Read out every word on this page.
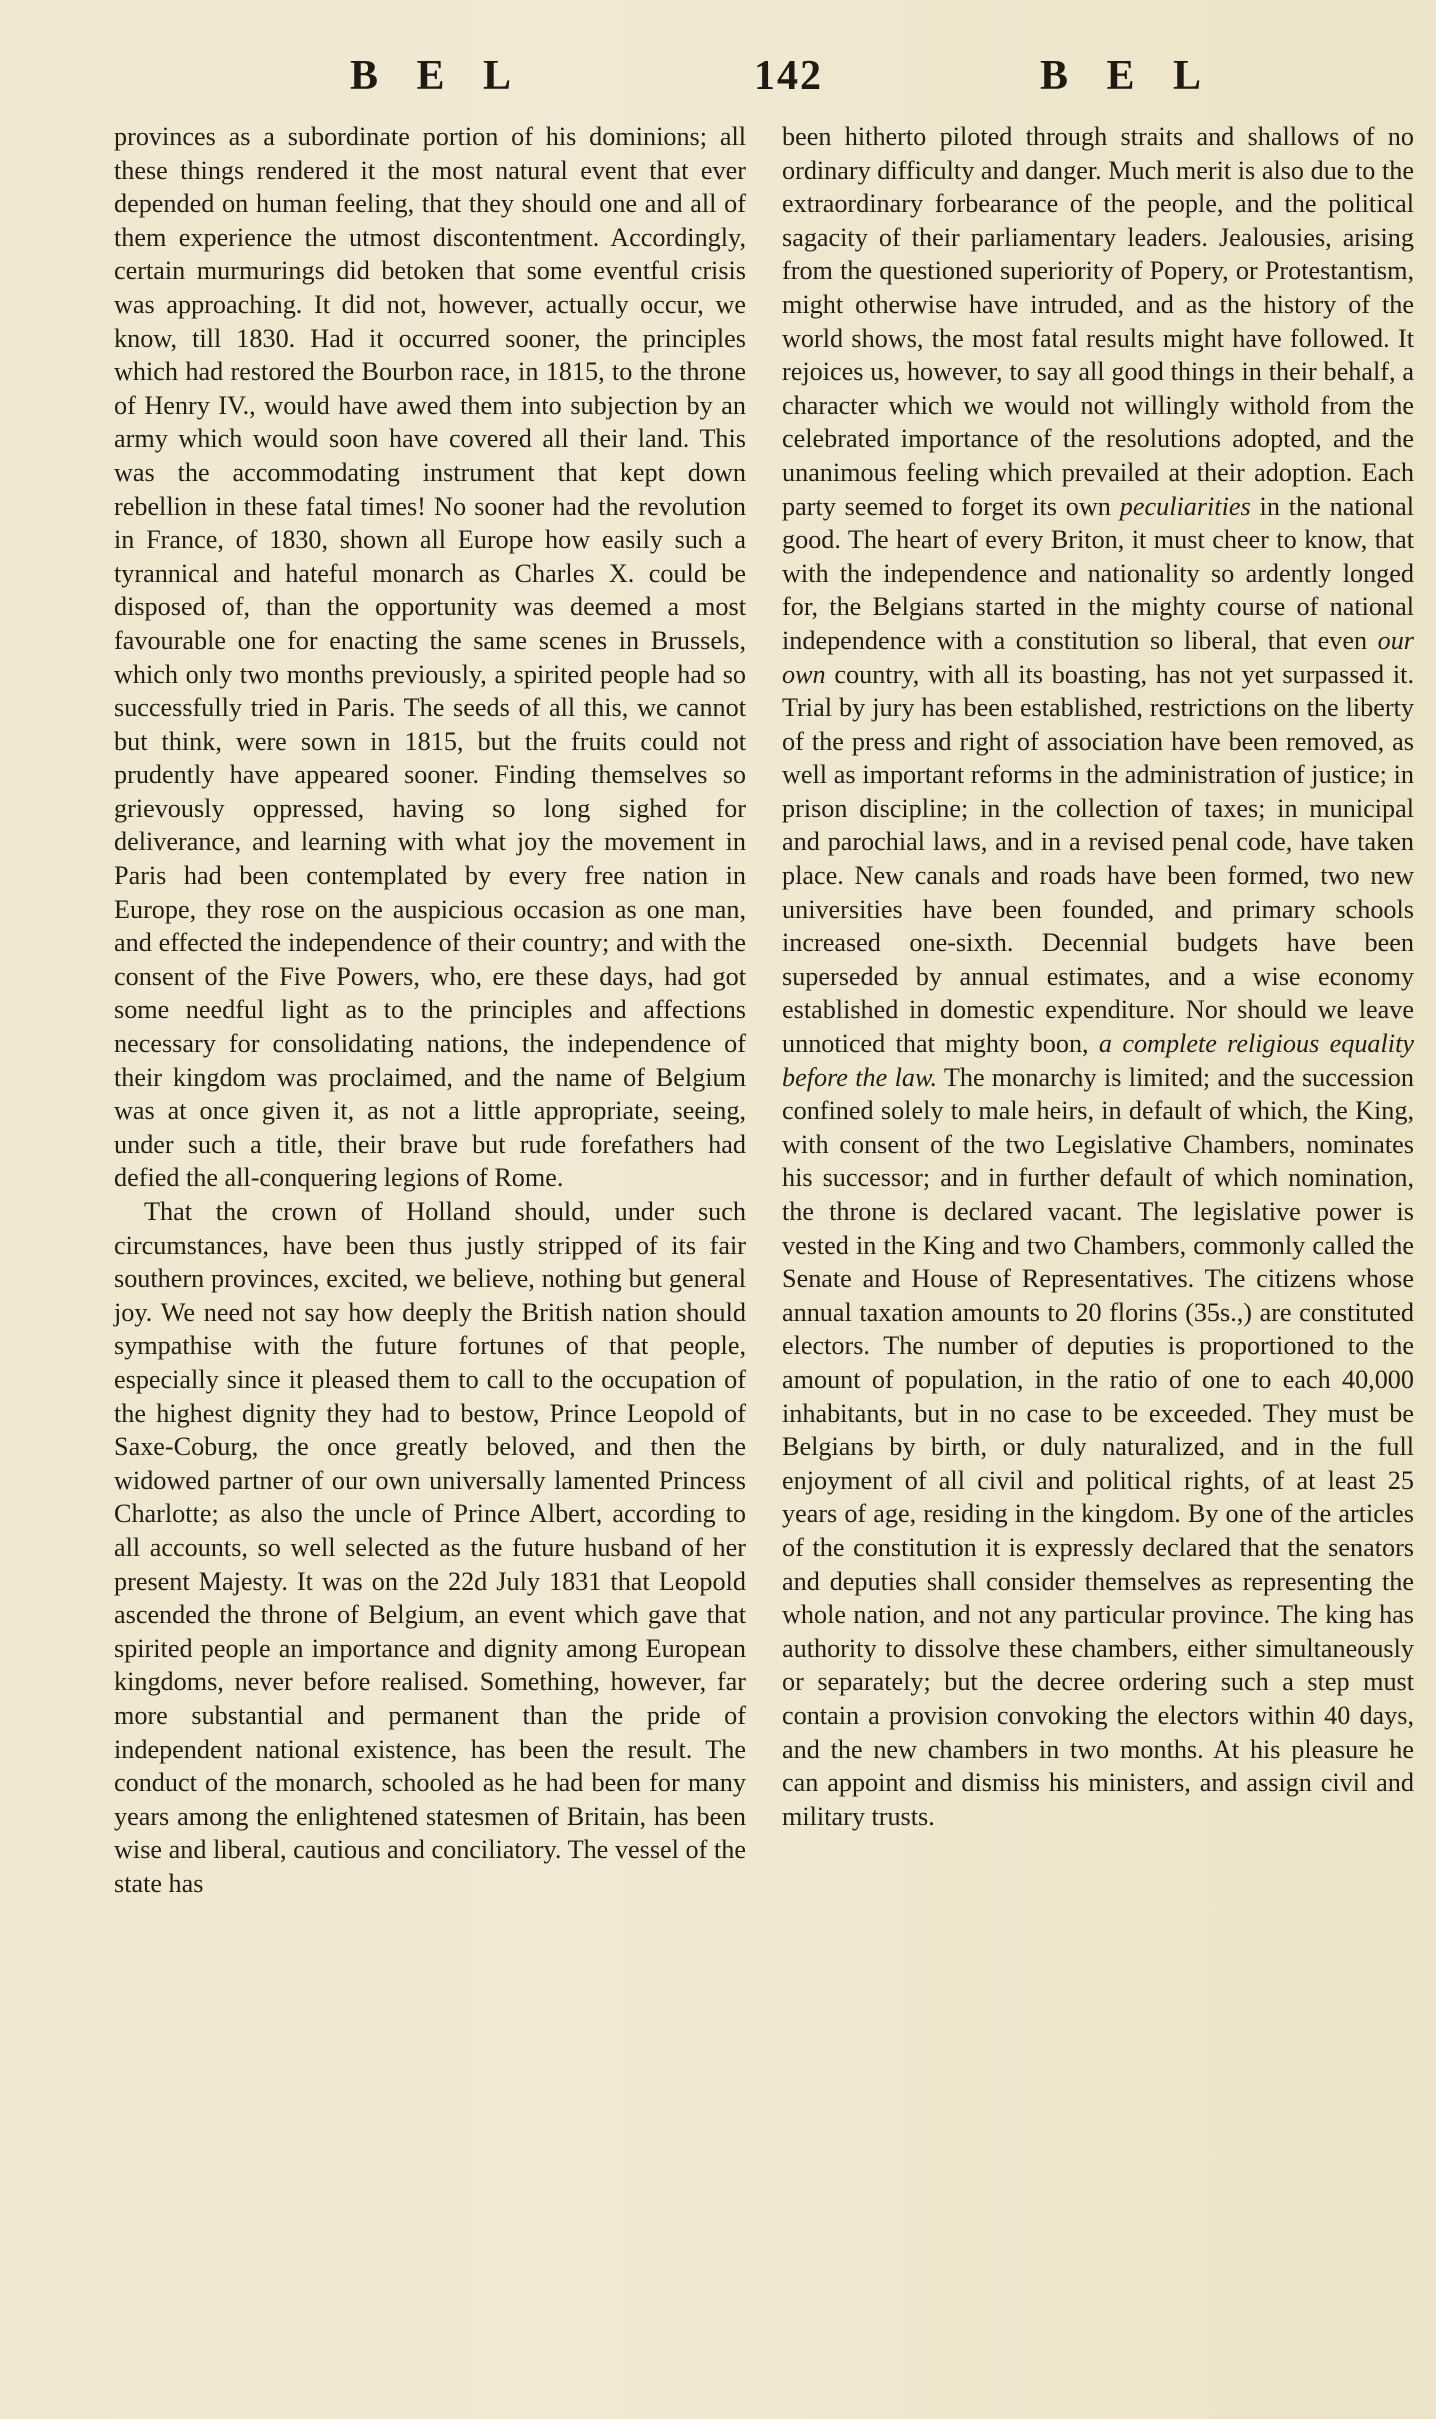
B E L	142	B E L

provinces as a subordinate portion of his dominions; all these things rendered it the most natural event that ever depended on human feeling, that they should one and all of them experience the utmost discontentment. Accordingly, certain murmurings did betoken that some eventful crisis was approaching. It did not, however, actually occur, we know, till 1830. Had it occurred sooner, the principles which had restored the Bourbon race, in 1815, to the throne of Henry IV., would have awed them into subjection by an army which would soon have covered all their land. This was the accommodating instrument that kept down rebellion in these fatal times! No sooner had the revolution in France, of 1830, shown all Europe how easily such a tyrannical and hateful monarch as Charles X. could be disposed of, than the opportunity was deemed a most favourable one for enacting the same scenes in Brussels, which only two months previously, a spirited people had so successfully tried in Paris. The seeds of all this, we cannot but think, were sown in 1815, but the fruits could not prudently have appeared sooner. Finding themselves so grievously oppressed, having so long sighed for deliverance, and learning with what joy the movement in Paris had been contemplated by every free nation in Europe, they rose on the auspicious occasion as one man, and effected the independence of their country; and with the consent of the Five Powers, who, ere these days, had got some needful light as to the principles and affections necessary for consolidating nations, the independence of their kingdom was proclaimed, and the name of Belgium was at once given it, as not a little appropriate, seeing, under such a title, their brave but rude forefathers had defied the all-conquering legions of Rome.

That the crown of Holland should, under such circumstances, have been thus justly stripped of its fair southern provinces, excited, we believe, nothing but general joy. We need not say how deeply the British nation should sympathise with the future fortunes of that people, especially since it pleased them to call to the occupation of the highest dignity they had to bestow, Prince Leopold of Saxe-Coburg, the once greatly beloved, and then the widowed partner of our own universally lamented Princess Charlotte; as also the uncle of Prince Albert, according to all accounts, so well selected as the future husband of her present Majesty. It was on the 22d July 1831 that Leopold ascended the throne of Belgium, an event which gave that spirited people an importance and dignity among European kingdoms, never before realised. Something, however, far more substantial and permanent than the pride of independent national existence, has been the result. The conduct of the monarch, schooled as he had been for many years among the enlightened statesmen of Britain, has been wise and liberal, cautious and conciliatory. The vessel of the state has

been hitherto piloted through straits and shallows of no ordinary difficulty and danger. Much merit is also due to the extraordinary forbearance of the people, and the political sagacity of their parliamentary leaders. Jealousies, arising from the questioned superiority of Popery, or Protestantism, might otherwise have intruded, and as the history of the world shows, the most fatal results might have followed. It rejoices us, however, to say all good things in their behalf, a character which we would not willingly withold from the celebrated importance of the resolutions adopted, and the unanimous feeling which prevailed at their adoption. Each party seemed to forget its own peculiarities in the national good. The heart of every Briton, it must cheer to know, that with the independence and nationality so ardently longed for, the Belgians started in the mighty course of national independence with a constitution so liberal, that even our own country, with all its boasting, has not yet surpassed it. Trial by jury has been established, restrictions on the liberty of the press and right of association have been removed, as well as important reforms in the administration of justice; in prison discipline; in the collection of taxes; in municipal and parochial laws, and in a revised penal code, have taken place. New canals and roads have been formed, two new universities have been founded, and primary schools increased one-sixth. Decennial budgets have been superseded by annual estimates, and a wise economy established in domestic expenditure. Nor should we leave unnoticed that mighty boon, a complete religious equality before the law. The monarchy is limited; and the succession confined solely to male heirs, in default of which, the King, with consent of the two Legislative Chambers, nominates his successor; and in further default of which nomination, the throne is declared vacant. The legislative power is vested in the King and two Chambers, commonly called the Senate and House of Representatives. The citizens whose annual taxation amounts to 20 florins (35s.,) are constituted electors. The number of deputies is proportioned to the amount of population, in the ratio of one to each 40,000 inhabitants, but in no case to be exceeded. They must be Belgians by birth, or duly naturalized, and in the full enjoyment of all civil and political rights, of at least 25 years of age, residing in the kingdom. By one of the articles of the constitution it is expressly declared that the senators and deputies shall consider themselves as representing the whole nation, and not any particular province. The king has authority to dissolve these chambers, either simultaneously or separately; but the decree ordering such a step must contain a provision convoking the electors within 40 days, and the new chambers in two months. At his pleasure he can appoint and dismiss his ministers, and assign civil and military trusts.
